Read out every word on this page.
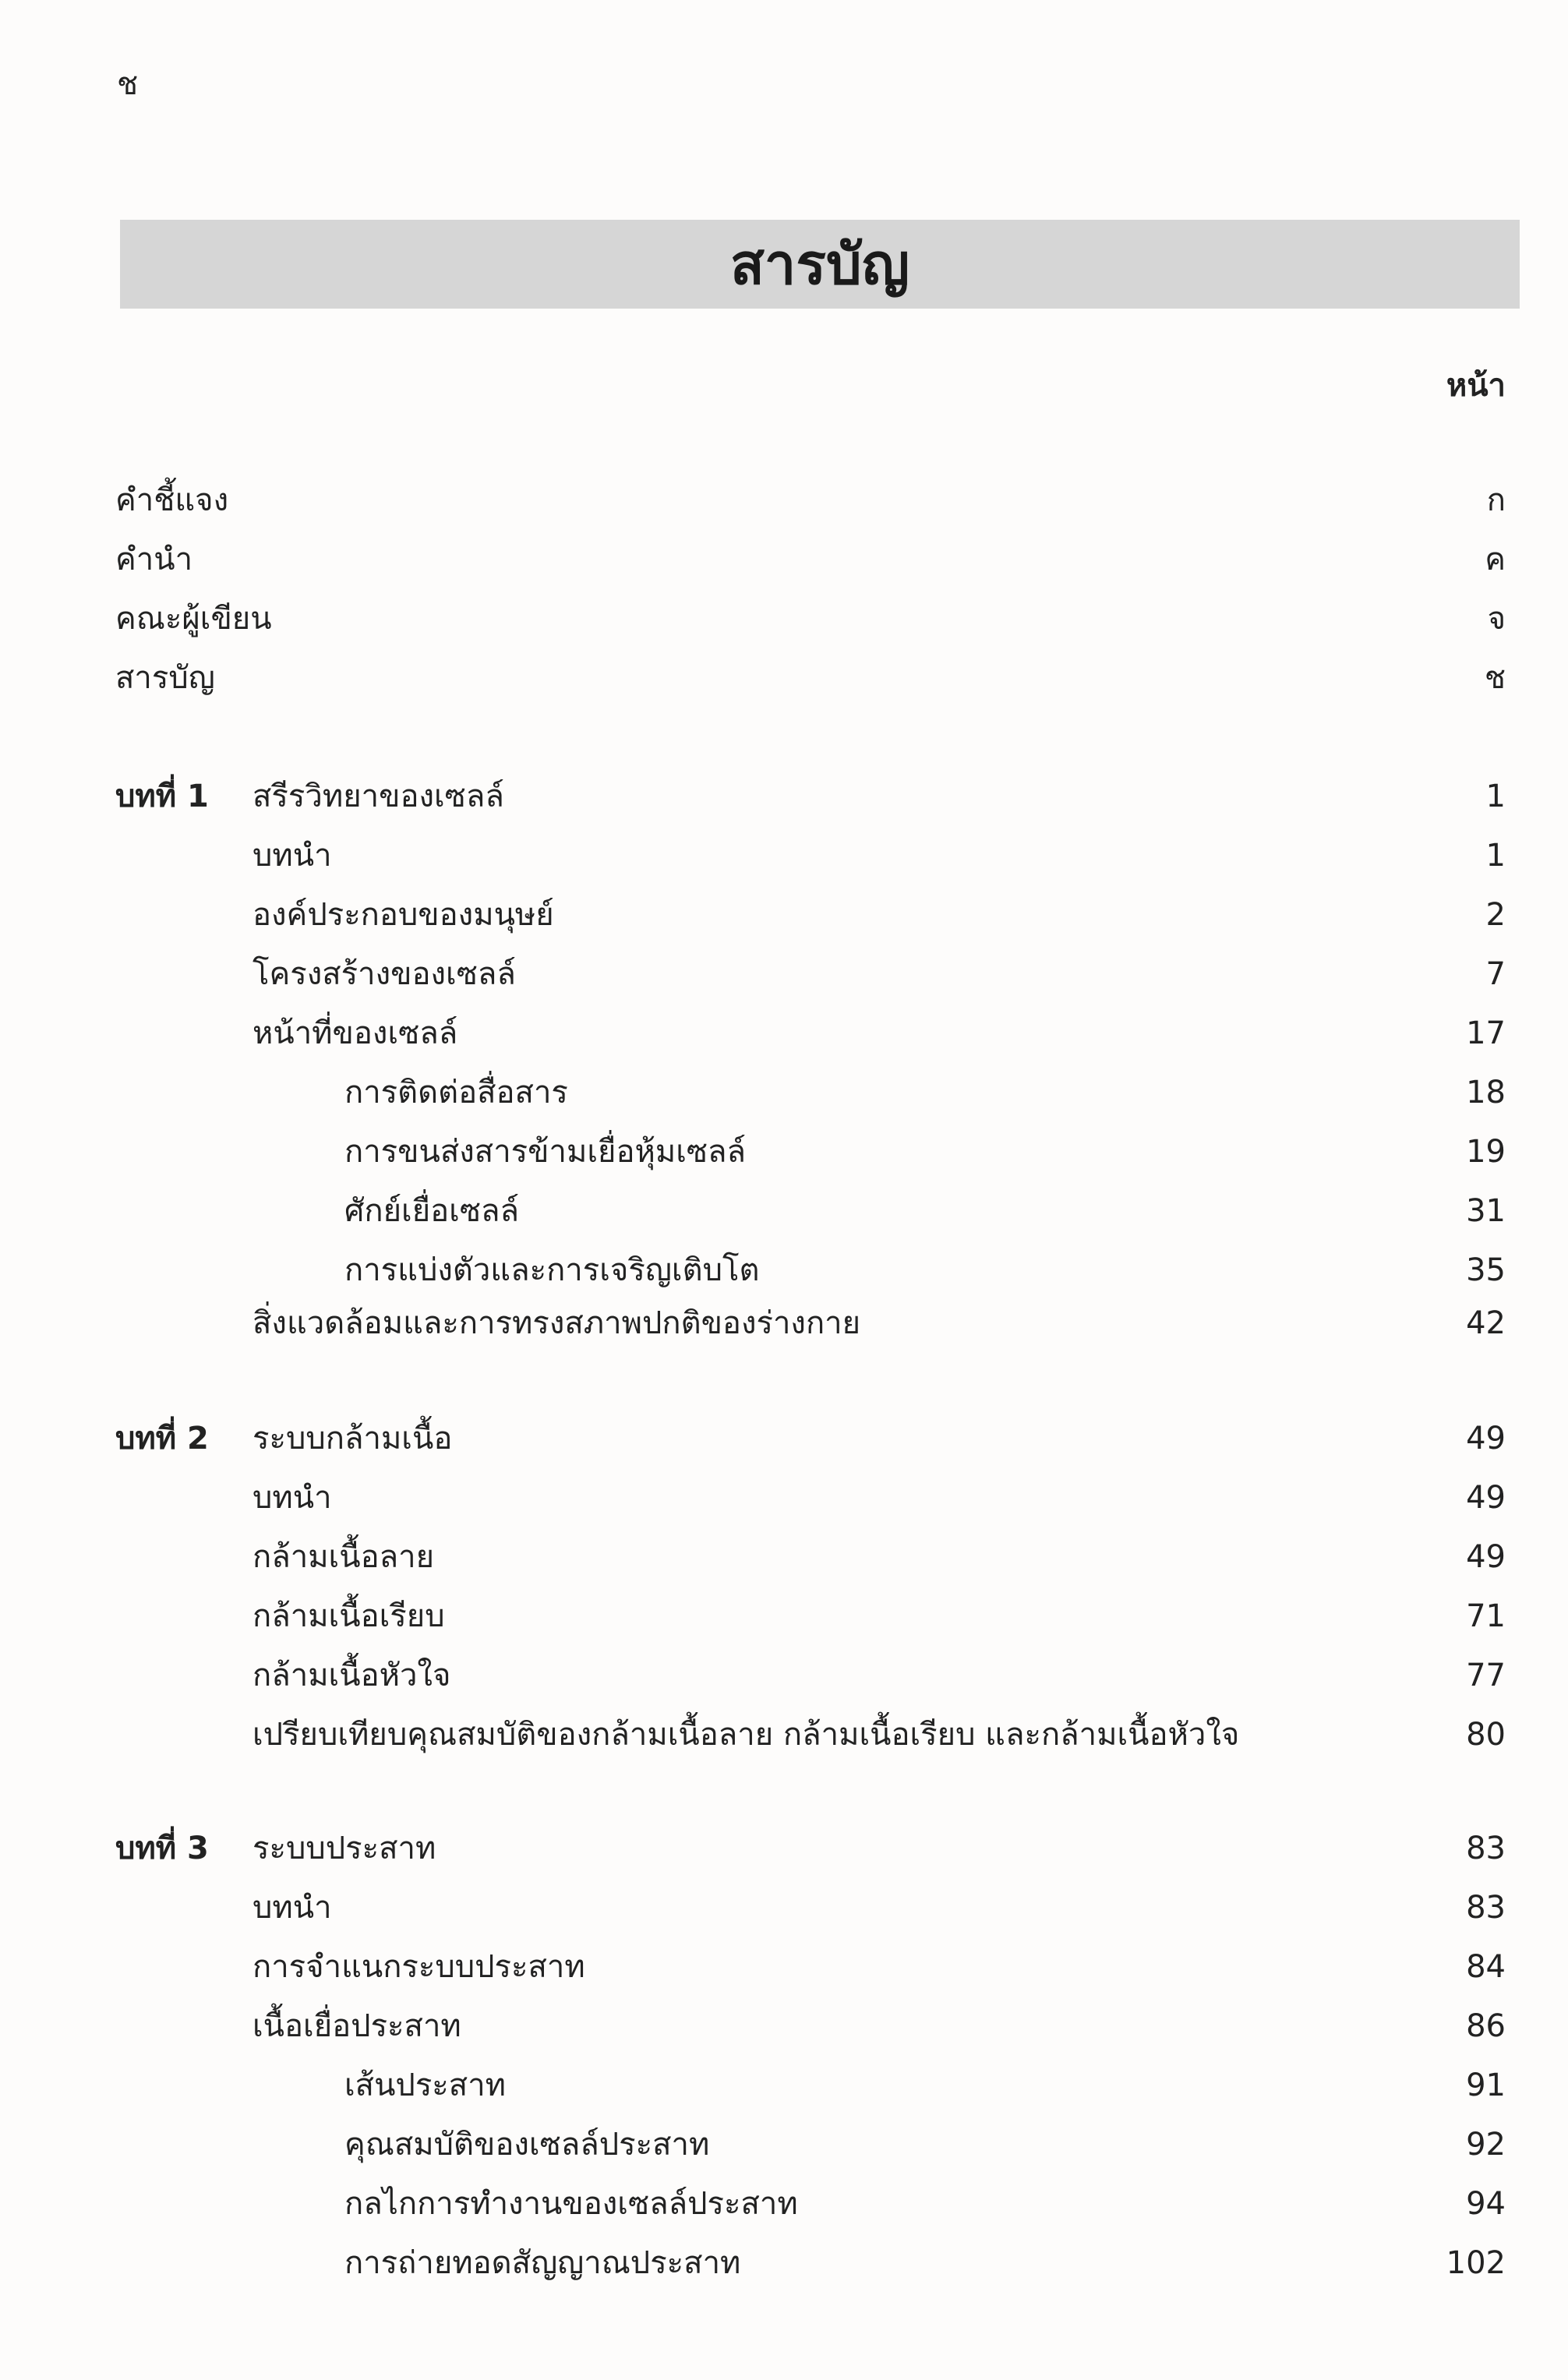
ช
สารบัญ
หน้า
คำชี้แจง	ก
คำนำ	ค
คณะผู้เขียน	จ
สารบัญ	ช
บทที่ 1 สรีรวิทยาของเซลล์	1
บทนำ	1
องค์ประกอบของมนุษย์	2
โครงสร้างของเซลล์	7
หน้าที่ของเซลล์	17
การติดต่อสื่อสาร	18
การขนส่งสารข้ามเยื่อหุ้มเซลล์	19
ศักย์เยื่อเซลล์	31
การแบ่งตัวและการเจริญเติบโต	35
สิ่งแวดล้อมและการทรงสภาพปกติของร่างกาย	42
บทที่ 2 ระบบกล้ามเนื้อ	49
บทนำ	49
กล้ามเนื้อลาย	49
กล้ามเนื้อเรียบ	71
กล้ามเนื้อหัวใจ	77
เปรียบเทียบคุณสมบัติของกล้ามเนื้อลาย กล้ามเนื้อเรียบ และกล้ามเนื้อหัวใจ	80
บทที่ 3 ระบบประสาท	83
บทนำ	83
การจำแนกระบบประสาท	84
เนื้อเยื่อประสาท	86
เส้นประสาท	91
คุณสมบัติของเซลล์ประสาท	92
กลไกการทำงานของเซลล์ประสาท	94
การถ่ายทอดสัญญาณประสาท	102
